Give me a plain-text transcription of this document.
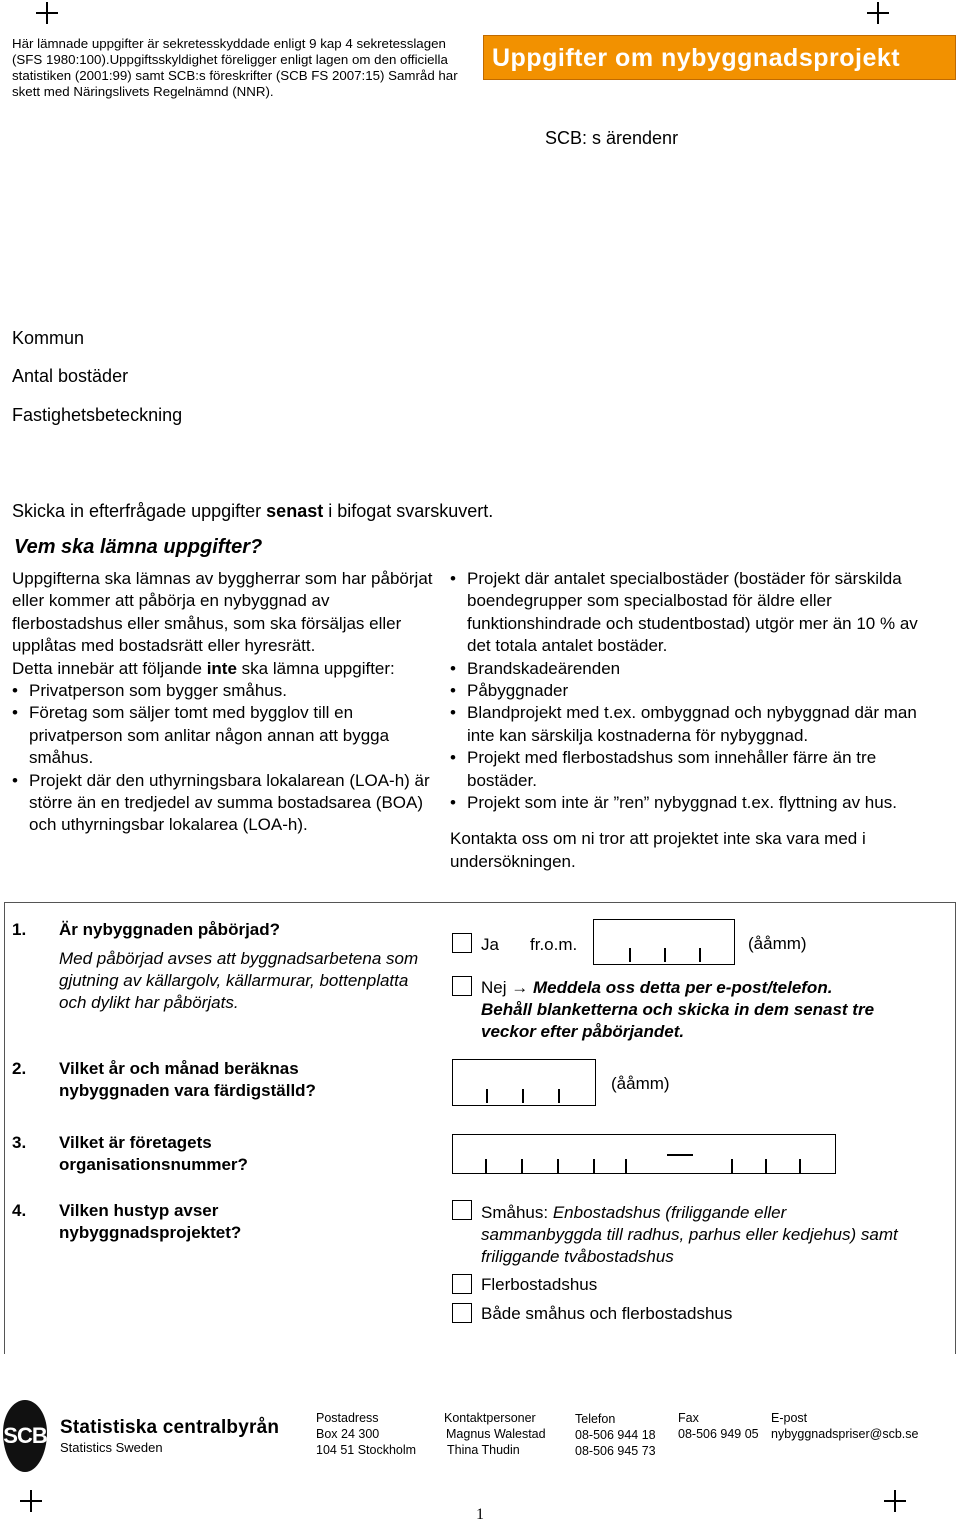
Här lämnade uppgifter är sekretesskyddade enligt 9 kap 4 sekretesslagen (SFS 1980:100).Uppgiftsskyldighet föreligger enligt lagen om den officiella statistiken (2001:99) samt SCB:s föreskrifter (SCB FS 2007:15) Samråd har skett med Näringslivets Regelnämnd (NNR).
Uppgifter om nybyggnadsprojekt
SCB: s ärendenr
Kommun
Antal bostäder
Fastighetsbeteckning
Skicka in efterfrågade uppgifter senast i bifogat svarskuvert.
Vem ska lämna uppgifter?

Uppgifterna ska lämnas av byggherrar som har påbörjat eller kommer att påbörja en nybyggnad av flerbostadshus eller småhus, som ska försäljas eller upplåtas med bostadsrätt eller hyresrätt.

Detta innebär att följande inte ska lämna uppgifter:

• Privatperson som bygger småhus.
• Företag som säljer tomt med bygglov till en privatperson som anlitar någon annan att bygga småhus.
• Projekt där den uthyrningsbara lokalarean (LOA-h) är större än en tredjedel av summa bostadsarea (BOA) och uthyrningsbar lokalarea (LOA-h).
• Projekt där antalet specialbostäder (bostäder för särskilda boendegrupper som specialbostad för äldre eller funktionshindrade och studentbostad) utgör mer än 10 % av det totala antalet bostäder.
• Brandskadeärenden
• Påbyggnader
• Blandprojekt med t.ex. ombyggnad och nybyggnad där man inte kan särskilja kostnaderna för nybyggnad.
• Projekt med flerbostadshus som innehåller färre än tre bostäder.
• Projekt som inte är ”ren” nybyggnad t.ex. flyttning av hus.

Kontakta oss om ni tror att projektet inte ska vara med i undersökningen.

1. Är nybyggnaden påbörjad?
Med påbörjad avses att byggnadsarbetena som gjutning av källargolv, källarmurar, bottenplatta och dylikt har påbörjats.
Ja fr.o.m.	(ååmm)
Nej → Meddela oss detta per e-post/telefon.
Behåll blanketterna och skicka in dem senast tre veckor efter påbörjandet.
2. Vilket år och månad beräknas nybyggnaden vara färdigställd?	(ååmm)
3. Vilket är företagets organisationsnummer?
4. Vilken hustyp avser nybyggnadsprojektet?
Småhus: Enbostadshus (friliggande eller sammanbyggda till radhus, parhus eller kedjehus) samt friliggande tvåbostadshus
Flerbostadshus
Både småhus och flerbostadshus
SCB Statistiska centralbyrån
Statistics Sweden
Postadress
Box 24 300
104 51 Stockholm
Kontaktpersoner
Magnus Walestad
Thina Thudin
Telefon
08-506 944 18
08-506 945 73
Fax
08-506 949 05
E-post
nybyggnadspriser@scb.se
1
